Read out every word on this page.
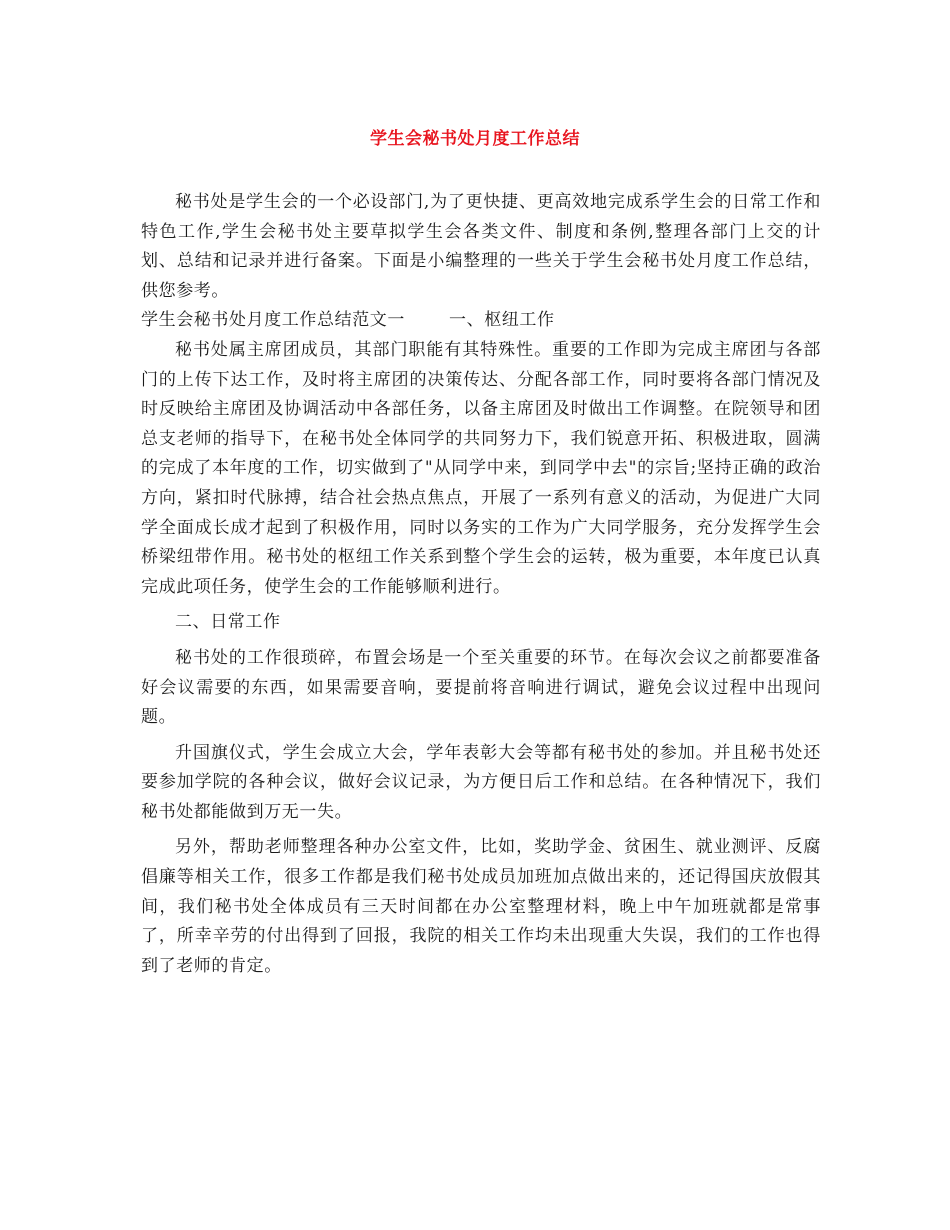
学生会秘书处月度工作总结

秘书处是学生会的一个必设部门,为了更快捷、更高效地完成系学生会的日常工作和特色工作,学生会秘书处主要草拟学生会各类文件、制度和条例,整理各部门上交的计划、总结和记录并进行备案。下面是小编整理的一些关于学生会秘书处月度工作总结，供您参考。

学生会秘书处月度工作总结范文一	一、枢纽工作

秘书处属主席团成员，其部门职能有其特殊性。重要的工作即为完成主席团与各部门的上传下达工作，及时将主席团的决策传达、分配各部工作，同时要将各部门情况及时反映给主席团及协调活动中各部任务，以备主席团及时做出工作调整。在院领导和团总支老师的指导下，在秘书处全体同学的共同努力下，我们锐意开拓、积极进取，圆满的完成了本年度的工作，切实做到了"从同学中来，到同学中去"的宗旨;坚持正确的政治方向，紧扣时代脉搏，结合社会热点焦点，开展了一系列有意义的活动，为促进广大同学全面成长成才起到了积极作用，同时以务实的工作为广大同学服务，充分发挥学生会桥梁纽带作用。秘书处的枢纽工作关系到整个学生会的运转，极为重要，本年度已认真完成此项任务，使学生会的工作能够顺利进行。

二、日常工作

秘书处的工作很琐碎，布置会场是一个至关重要的环节。在每次会议之前都要准备好会议需要的东西，如果需要音响，要提前将音响进行调试，避免会议过程中出现问题。

升国旗仪式，学生会成立大会，学年表彰大会等都有秘书处的参加。并且秘书处还要参加学院的各种会议，做好会议记录，为方便日后工作和总结。在各种情况下，我们秘书处都能做到万无一失。

另外，帮助老师整理各种办公室文件，比如，奖助学金、贫困生、就业测评、反腐倡廉等相关工作，很多工作都是我们秘书处成员加班加点做出来的，还记得国庆放假其间，我们秘书处全体成员有三天时间都在办公室整理材料，晚上中午加班就都是常事了，所幸辛劳的付出得到了回报，我院的相关工作均未出现重大失误，我们的工作也得到了老师的肯定。
